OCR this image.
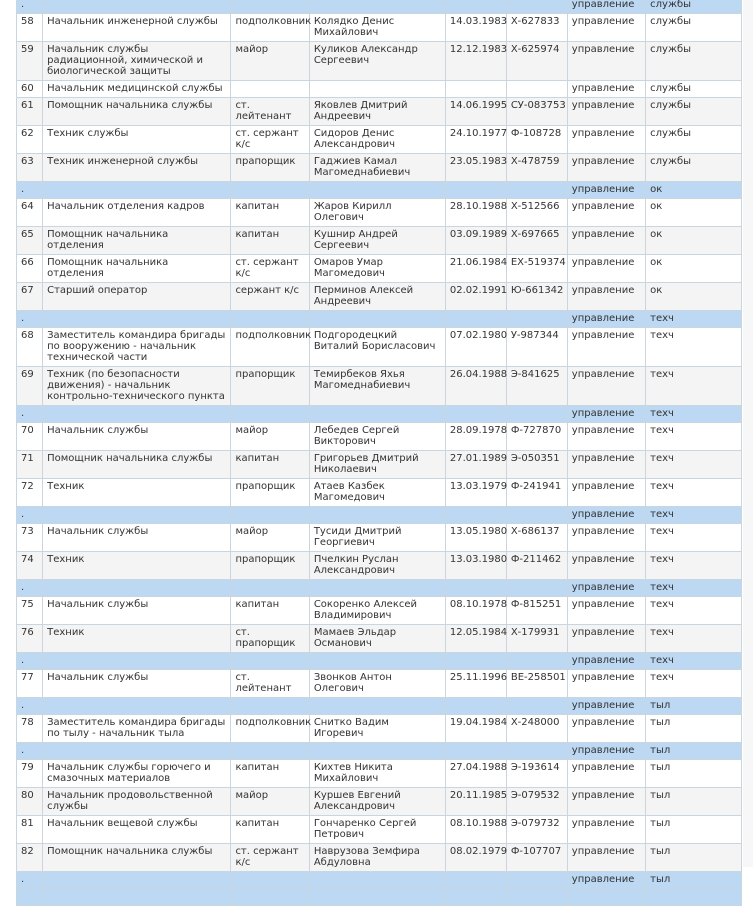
.						управление	службы
58	Начальник инженерной службы	подполковник	Колядко Денис Михайлович	14.03.1983	Х-627833	управление	службы
59	Начальник службы радиационной, химической и биологической защиты	майор	Куликов Александр Сергеевич	12.12.1983	Х-625974	управление	службы
60	Начальник медицинской службы					управление	службы
61	Помощник начальника службы	ст. лейтенант	Яковлев Дмитрий Андреевич	14.06.1995	СУ-083753	управление	службы
62	Техник службы	ст. сержант к/с	Сидоров Денис Александрович	24.10.1977	Ф-108728	управление	службы
63	Техник инженерной службы	прапорщик	Гаджиев Камал Магомеднабиевич	23.05.1983	Х-478759	управление	службы
.						управление	ок
64	Начальник отделения кадров	капитан	Жаров Кирилл Олегович	28.10.1988	Х-512566	управление	ок
65	Помощник начальника отделения	капитан	Кушнир Андрей Сергеевич	03.09.1989	Х-697665	управление	ок
66	Помощник начальника отделения	ст. сержант к/с	Омаров Умар Магомедович	21.06.1984	ЕХ-519374	управление	ок
67	Старший оператор	сержант к/с	Перминов Алексей Андреевич	02.02.1991	Ю-661342	управление	ок
.						управление	техч
68	Заместитель командира бригады по вооружению - начальник технической части	подполковник	Подгородецкий Виталий Борисласович	07.02.1980	У-987344	управление	техч
69	Техник (по безопасности движения) - начальник контрольно-технического пункта	прапорщик	Темирбеков Яхья Магомеднабиевич	26.04.1988	Э-841625	управление	техч
.						управление	техч
70	Начальник службы	майор	Лебедев Сергей Викторович	28.09.1978	Ф-727870	управление	техч
71	Помощник начальника службы	капитан	Григорьев Дмитрий Николаевич	27.01.1989	Э-050351	управление	техч
72	Техник	прапорщик	Атаев Казбек Магомедович	13.03.1979	Ф-241941	управление	техч
.						управление	техч
73	Начальник службы	майор	Тусиди Дмитрий Георгиевич	13.05.1980	Х-686137	управление	техч
74	Техник	прапорщик	Пчелкин Руслан Александрович	13.03.1980	Ф-211462	управление	техч
.						управление	техч
75	Начальник службы	капитан	Сокоренко Алексей Владимирович	08.10.1978	Ф-815251	управление	техч
76	Техник	ст. прапорщик	Мамаев Эльдар Османович	12.05.1984	Х-179931	управление	техч
.						управление	техч
77	Начальник службы	ст. лейтенант	Звонков Антон Олегович	25.11.1996	ВЕ-258501	управление	техч
.						управление	тыл
78	Заместитель командира бригады по тылу - начальник тыла	подполковник	Снитко Вадим Игоревич	19.04.1984	Х-248000	управление	тыл
.						управление	тыл
79	Начальник службы горючего и смазочных материалов	капитан	Кихтев Никита Михайлович	27.04.1988	Э-193614	управление	тыл
80	Начальник продовольственной службы	майор	Куршев Евгений Александрович	20.11.1985	Э-079532	управление	тыл
81	Начальник вещевой службы	капитан	Гончаренко Сергей Петрович	08.10.1988	Э-079732	управление	тыл
82	Помощник начальника службы	ст. сержант к/с	Наврузова Земфира Абдуловна	08.02.1979	Ф-107707	управление	тыл
.						управление	тыл
